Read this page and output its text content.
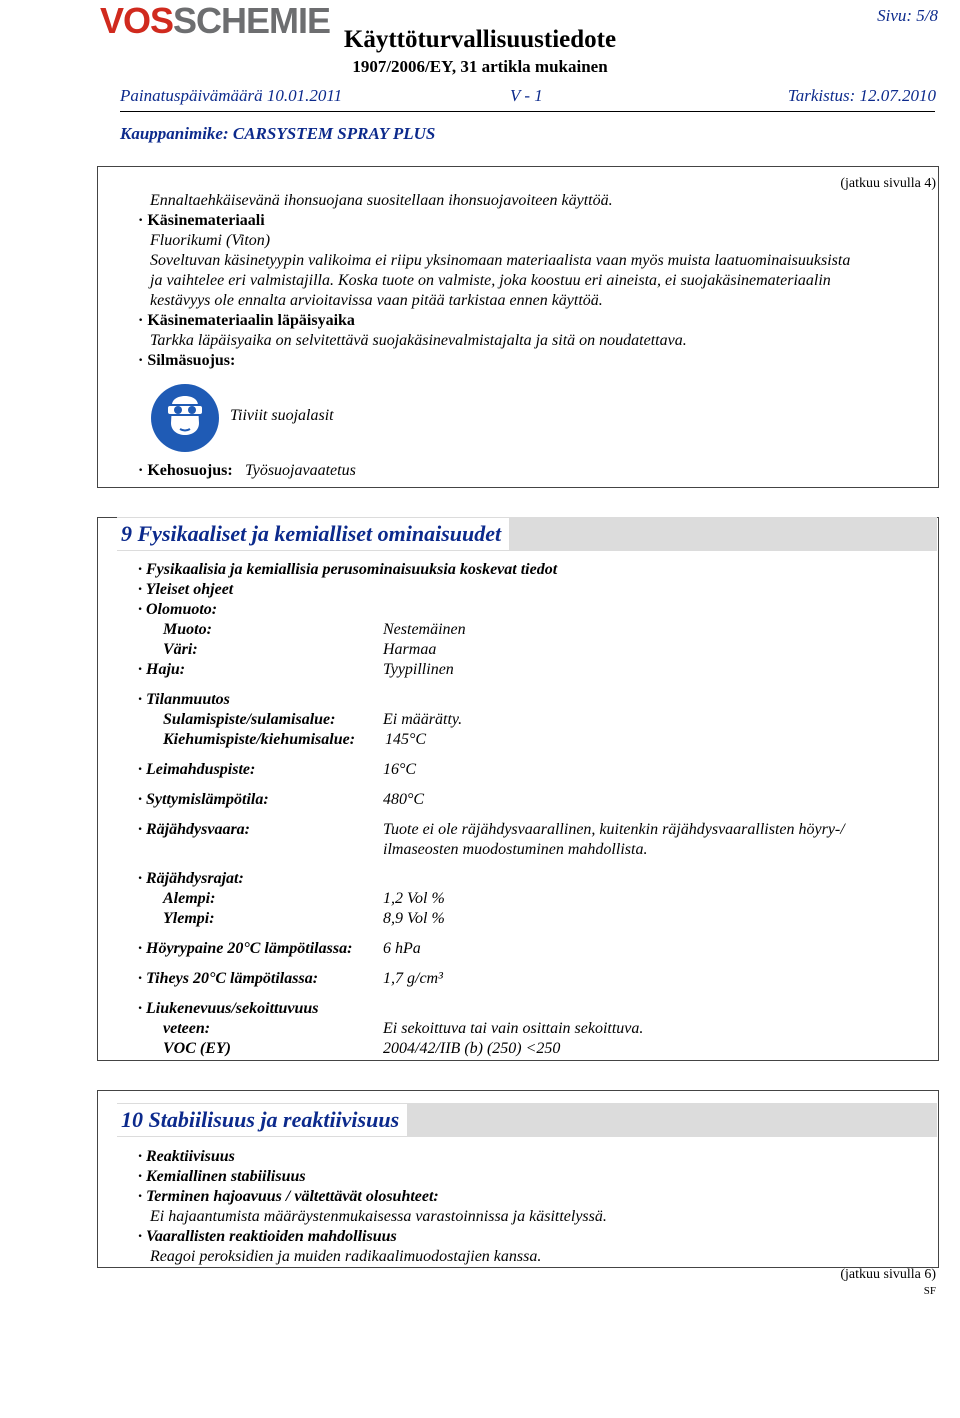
VOSSCHEMIE	Sivu: 5/8
Käyttöturvallisuustiedote
1907/2006/EY, 31 artikla mukainen
Painatuspäivämäärä 10.01.2011	V - 1	Tarkistus: 12.07.2010
Kauppanimike: CARSYSTEM SPRAY PLUS
(jatkuu sivulla 4)
Ennaltaehkäisevänä ihonsuojana suositellaan ihonsuojavoiteen käyttöä.
· Käsinemateriaali
Fluorikumi (Viton)
Soveltuvan käsinetyypin valikoima ei riipu yksinomaan materiaalista vaan myös muista laatuominaisuuksista
ja vaihtelee eri valmistajilla. Koska tuote on valmiste, joka koostuu eri aineista, ei suojakäsinemateriaalin
kestävyys ole ennalta arvioitavissa vaan pitää tarkistaa ennen käyttöä.
· Käsinemateriaalin läpäisyaika
Tarkka läpäisyaika on selvitettävä suojakäsinevalmistajalta ja sitä on noudatettava.
· Silmäsuojus:
Tiiviit suojalasit
· Kehosuojus: Työsuojavaatetus
9 Fysikaaliset ja kemialliset ominaisuudet
· Fysikaalisia ja kemiallisia perusominaisuuksia koskevat tiedot
· Yleiset ohjeet
· Olomuoto:
Muoto:	Nestemäinen
Väri:	Harmaa
· Haju:	Tyypillinen
· Tilanmuutos
Sulamispiste/sulamisalue:	Ei määrätty.
Kiehumispiste/kiehumisalue: 145°C
· Leimahduspiste:	16°C
· Syttymislämpötila:	480°C
· Räjähdysvaara:	Tuote ei ole räjähdysvaarallinen, kuitenkin räjähdysvaarallisten höyry-/
ilmaseosten muodostuminen mahdollista.
· Räjähdysrajat:
Alempi:	1,2 Vol %
Ylempi:	8,9 Vol %
· Höyrypaine 20°C lämpötilassa: 6 hPa
· Tiheys 20°C lämpötilassa:	1,7 g/cm³
· Liukenevuus/sekoittuvuus
veteen:	Ei sekoittuva tai vain osittain sekoittuva.
VOC (EY)	2004/42/IIB (b) (250) <250
10 Stabiilisuus ja reaktiivisuus
· Reaktiivisuus
· Kemiallinen stabiilisuus
· Terminen hajoavuus / vältettävät olosuhteet:
Ei hajaantumista määräystenmukaisessa varastoinnissa ja käsittelyssä.
· Vaarallisten reaktioiden mahdollisuus
Reagoi peroksidien ja muiden radikaalimuodostajien kanssa.
(jatkuu sivulla 6)
SF
